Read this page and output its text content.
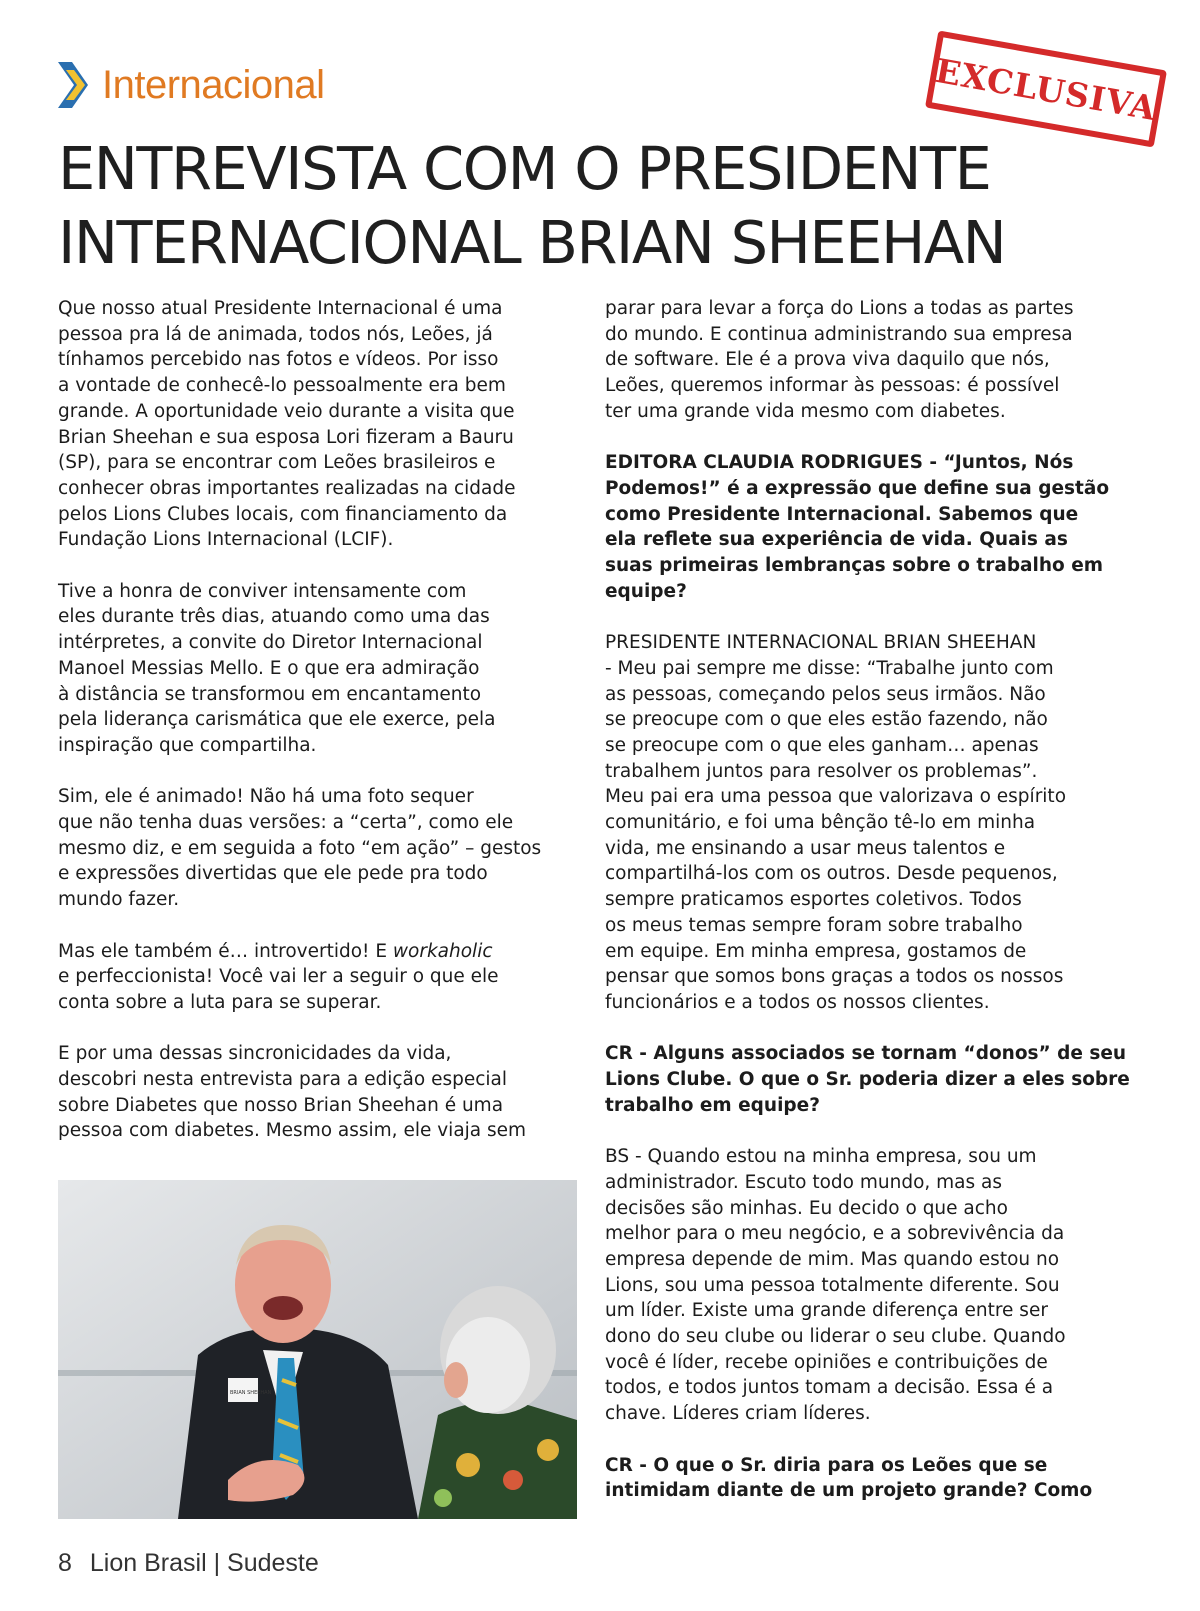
Internacional	EXCLUSIVA
ENTREVISTA COM O PRESIDENTE
INTERNACIONAL BRIAN SHEEHAN

Que nosso atual Presidente Internacional é uma
pessoa pra lá de animada, todos nós, Leões, já
tínhamos percebido nas fotos e vídeos. Por isso
a vontade de conhecê-lo pessoalmente era bem
grande. A oportunidade veio durante a visita que
Brian Sheehan e sua esposa Lori fizeram a Bauru
(SP), para se encontrar com Leões brasileiros e
conhecer obras importantes realizadas na cidade
pelos Lions Clubes locais, com financiamento da
Fundação Lions Internacional (LCIF).

Tive a honra de conviver intensamente com
eles durante três dias, atuando como uma das
intérpretes, a convite do Diretor Internacional
Manoel Messias Mello. E o que era admiração
à distância se transformou em encantamento
pela liderança carismática que ele exerce, pela
inspiração que compartilha.

Sim, ele é animado! Não há uma foto sequer
que não tenha duas versões: a “certa”, como ele
mesmo diz, e em seguida a foto “em ação” – gestos
e expressões divertidas que ele pede pra todo
mundo fazer.

Mas ele também é… introvertido! E workaholic
e perfeccionista! Você vai ler a seguir o que ele
conta sobre a luta para se superar.

E por uma dessas sincronicidades da vida,
descobri nesta entrevista para a edição especial
sobre Diabetes que nosso Brian Sheehan é uma
pessoa com diabetes. Mesmo assim, ele viaja sem

BRIAN SHEEHAN

parar para levar a força do Lions a todas as partes
do mundo. E continua administrando sua empresa
de software. Ele é a prova viva daquilo que nós,
Leões, queremos informar às pessoas: é possível
ter uma grande vida mesmo com diabetes.

EDITORA CLAUDIA RODRIGUES - “Juntos, Nós
Podemos!” é a expressão que define sua gestão
como Presidente Internacional. Sabemos que
ela reflete sua experiência de vida. Quais as
suas primeiras lembranças sobre o trabalho em
equipe?

PRESIDENTE INTERNACIONAL BRIAN SHEEHAN
- Meu pai sempre me disse: “Trabalhe junto com
as pessoas, começando pelos seus irmãos. Não
se preocupe com o que eles estão fazendo, não
se preocupe com o que eles ganham… apenas
trabalhem juntos para resolver os problemas”.
Meu pai era uma pessoa que valorizava o espírito
comunitário, e foi uma bênção tê-lo em minha
vida, me ensinando a usar meus talentos e
compartilhá-los com os outros. Desde pequenos,
sempre praticamos esportes coletivos. Todos
os meus temas sempre foram sobre trabalho
em equipe. Em minha empresa, gostamos de
pensar que somos bons graças a todos os nossos
funcionários e a todos os nossos clientes.

CR - Alguns associados se tornam “donos” de seu
Lions Clube. O que o Sr. poderia dizer a eles sobre
trabalho em equipe?

BS - Quando estou na minha empresa, sou um
administrador. Escuto todo mundo, mas as
decisões são minhas. Eu decido o que acho
melhor para o meu negócio, e a sobrevivência da
empresa depende de mim. Mas quando estou no
Lions, sou uma pessoa totalmente diferente. Sou
um líder. Existe uma grande diferença entre ser
dono do seu clube ou liderar o seu clube. Quando
você é líder, recebe opiniões e contribuições de
todos, e todos juntos tomam a decisão. Essa é a
chave. Líderes criam líderes.

CR - O que o Sr. diria para os Leões que se
intimidam diante de um projeto grande? Como

8 Lion Brasil | Sudeste
